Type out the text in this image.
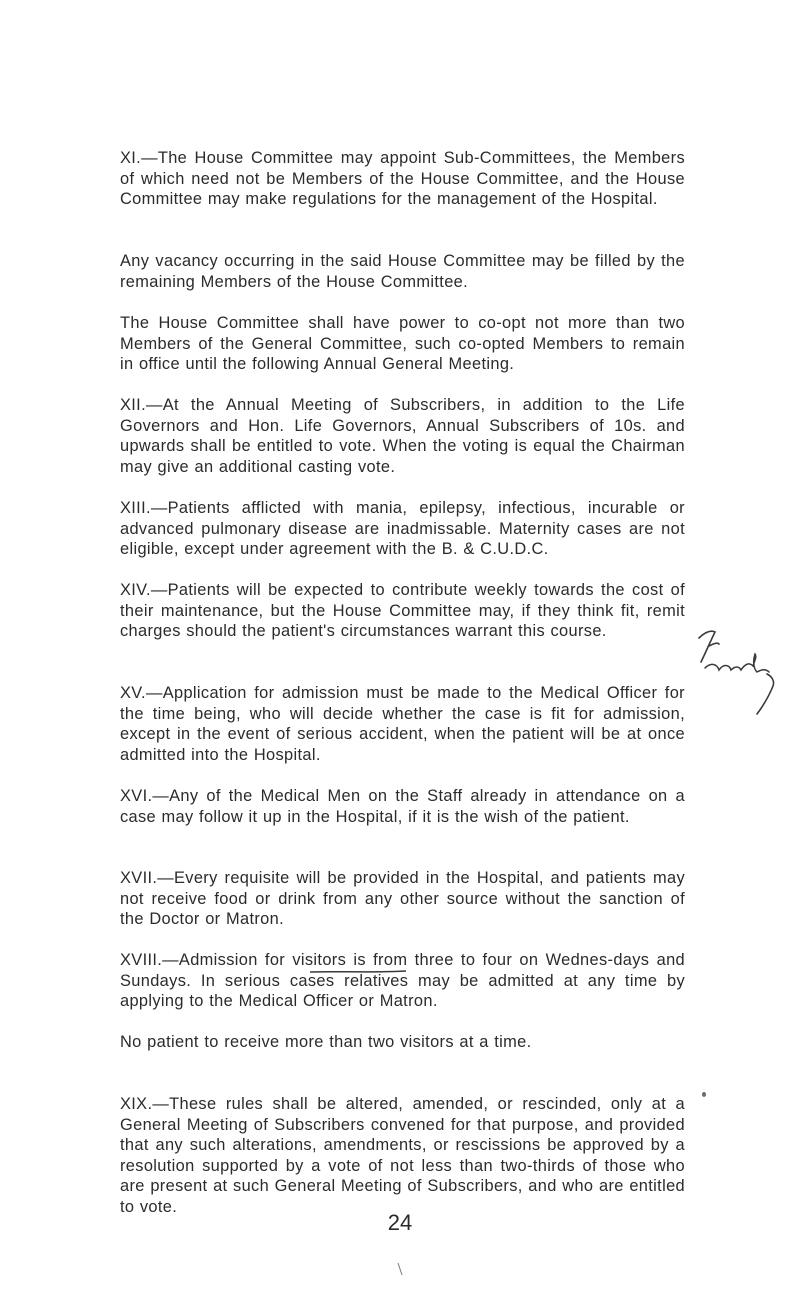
XI.—The House Committee may appoint Sub-Committees, the Members of which need not be Members of the House Committee, and the House Committee may make regulations for the management of the Hospital.

Any vacancy occurring in the said House Committee may be filled by the remaining Members of the House Committee.

The House Committee shall have power to co-opt not more than two Members of the General Committee, such co-opted Members to remain in office until the following Annual General Meeting.

XII.—At the Annual Meeting of Subscribers, in addition to the Life Governors and Hon. Life Governors, Annual Subscribers of 10s. and upwards shall be entitled to vote. When the voting is equal the Chairman may give an additional casting vote.

XIII.—Patients afflicted with mania, epilepsy, infectious, incurable or advanced pulmonary disease are inadmissable. Maternity cases are not eligible, except under agreement with the B. & C.U.D.C.

XIV.—Patients will be expected to contribute weekly towards the cost of their maintenance, but the House Committee may, if they think fit, remit charges should the patient's circumstances warrant this course.

XV.—Application for admission must be made to the Medical Officer for the time being, who will decide whether the case is fit for admission, except in the event of serious accident, when the patient will be at once admitted into the Hospital.

XVI.—Any of the Medical Men on the Staff already in attendance on a case may follow it up in the Hospital, if it is the wish of the patient.

XVII.—Every requisite will be provided in the Hospital, and patients may not receive food or drink from any other source without the sanction of the Doctor or Matron.

XVIII.—Admission for visitors is from three to four on Wednes-days and Sundays. In serious cases relatives may be admitted at any time by applying to the Medical Officer or Matron.

No patient to receive more than two visitors at a time.

XIX.—These rules shall be altered, amended, or rescinded, only at a General Meeting of Subscribers convened for that purpose, and provided that any such alterations, amendments, or rescissions be approved by a resolution supported by a vote of not less than two-thirds of those who are present at such General Meeting of Subscribers, and who are entitled to vote.

24
